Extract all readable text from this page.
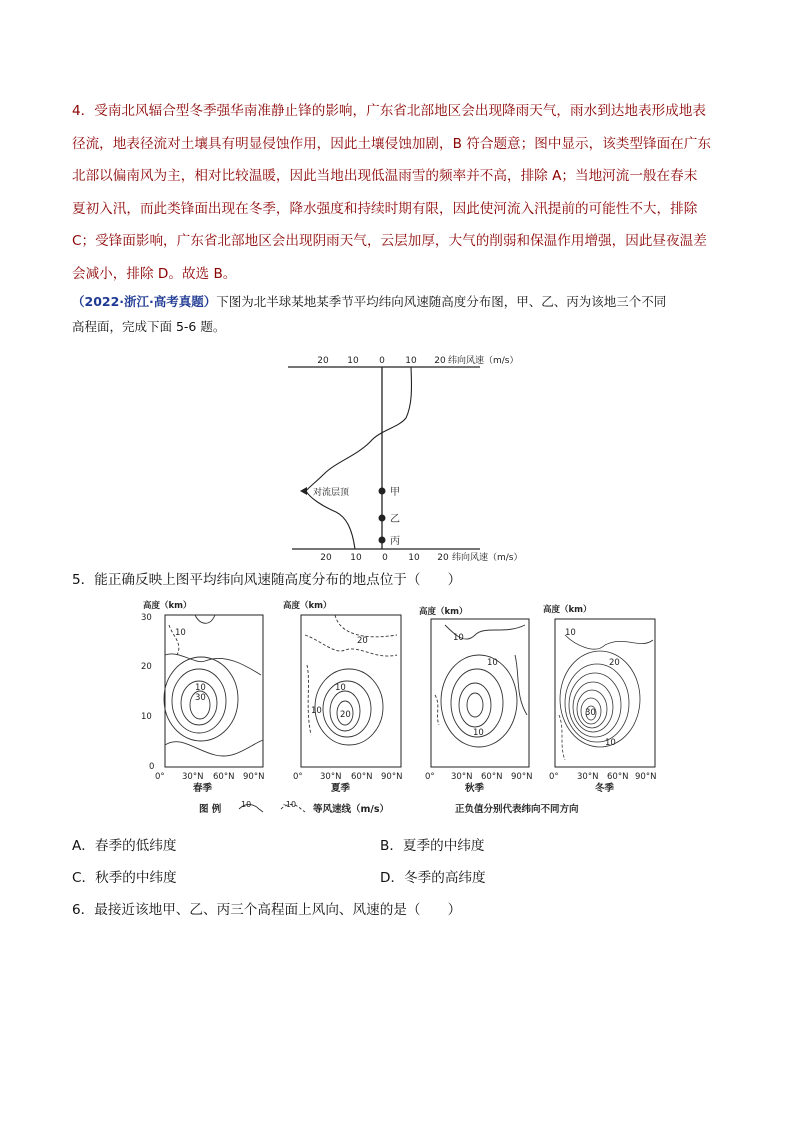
4．受南北风辐合型冬季强华南准静止锋的影响，广东省北部地区会出现降雨天气，雨水到达地表形成地表
径流，地表径流对土壤具有明显侵蚀作用，因此土壤侵蚀加剧，B 符合题意；图中显示，该类型锋面在广东
北部以偏南风为主，相对比较温暖，因此当地出现低温雨雪的频率并不高，排除 A；当地河流一般在春末
夏初入汛，而此类锋面出现在冬季，降水强度和持续时期有限，因此使河流入汛提前的可能性不大，排除
C；受锋面影响，广东省北部地区会出现阴雨天气，云层加厚，大气的削弱和保温作用增强，因此昼夜温差
会减小，排除 D。故选 B。
（2022·浙江·高考真题）下图为北半球某地某季节平均纬向风速随高度分布图，甲、乙、丙为该地三个不同
高程面，完成下面 5-6 题。
20 10 0 10 20
20 10 0 10 20
纬向风速（m/s）
纬向风速（m/s）
对流层顶	甲
乙
丙
5．能正确反映上图平均纬向风速随高度分布的地点位于（　　）
高度（km）
30
20
10
0
0° 30°N 60°N 90°N
春季
10
30
10
高度（km）
0° 30°N 60°N 90°N
夏季
20
20
10
10
高度（km）
0° 30°N 60°N 90°N
秋季
10
10
10
高度（km）
0° 30°N 60°N 90°N
冬季
10
20
30
10
图 例 10	-10 等风速线（m/s）	正负值分别代表纬向不同方向
A．春季的低纬度	B．夏季的中纬度
C．秋季的中纬度	D．冬季的高纬度
6．最接近该地甲、乙、丙三个高程面上风向、风速的是（　　）
